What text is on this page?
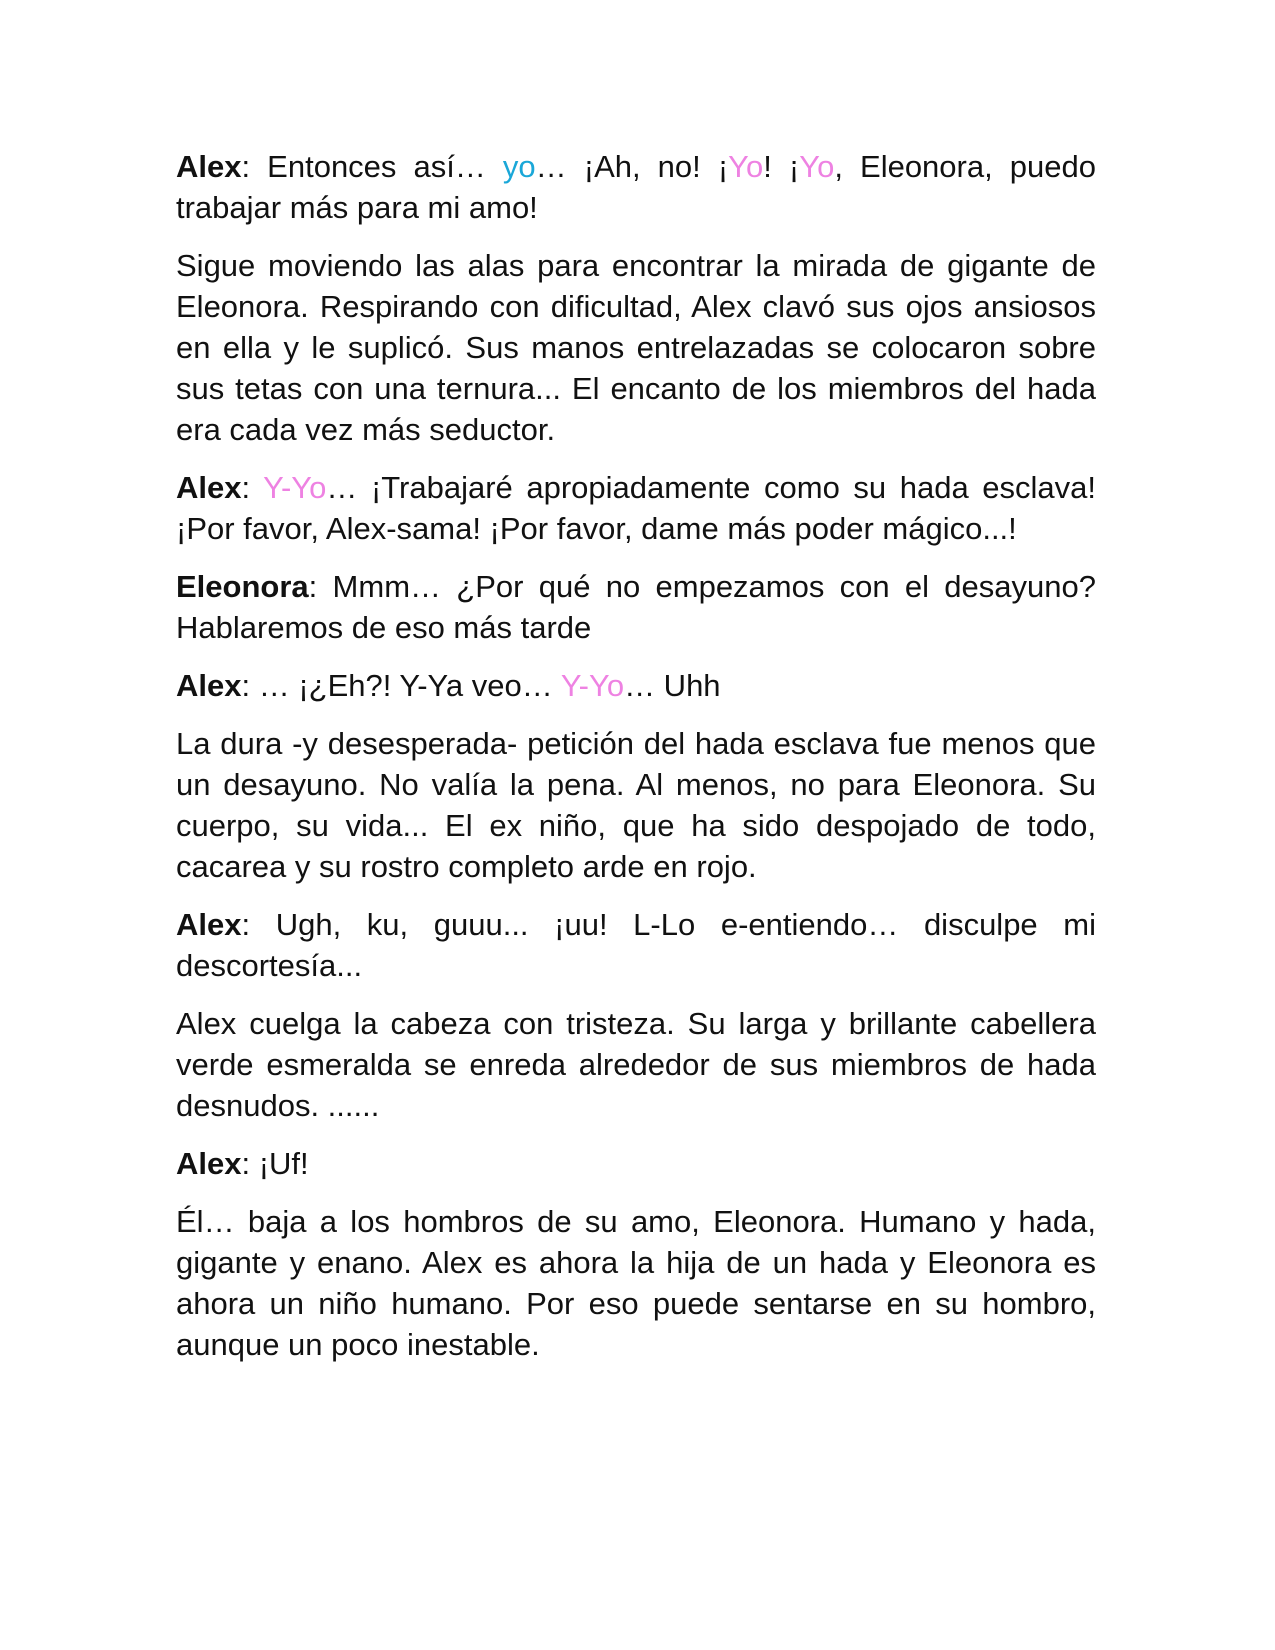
Alex: Entonces así… yo… ¡Ah, no! ¡Yo! ¡Yo, Eleonora, puedo trabajar más para mi amo!

Sigue moviendo las alas para encontrar la mirada de gigante de Eleonora. Respirando con dificultad, Alex clavó sus ojos ansiosos en ella y le suplicó. Sus manos entrelazadas se colocaron sobre sus tetas con una ternura... El encanto de los miembros del hada era cada vez más seductor.

Alex: Y-Yo… ¡Trabajaré apropiadamente como su hada esclava! ¡Por favor, Alex-sama! ¡Por favor, dame más poder mágico...!

Eleonora: Mmm… ¿Por qué no empezamos con el desayuno? Hablaremos de eso más tarde

Alex: … ¡¿Eh?! Y-Ya veo… Y-Yo… Uhh

La dura -y desesperada- petición del hada esclava fue menos que un desayuno. No valía la pena. Al menos, no para Eleonora. Su cuerpo, su vida... El ex niño, que ha sido despojado de todo, cacarea y su rostro completo arde en rojo.

Alex: Ugh, ku, guuu... ¡uu! L-Lo e-entiendo… disculpe mi descortesía...

Alex cuelga la cabeza con tristeza. Su larga y brillante cabellera verde esmeralda se enreda alrededor de sus miembros de hada desnudos. ......

Alex: ¡Uf!

Él… baja a los hombros de su amo, Eleonora. Humano y hada, gigante y enano. Alex es ahora la hija de un hada y Eleonora es ahora un niño humano. Por eso puede sentarse en su hombro, aunque un poco inestable.
